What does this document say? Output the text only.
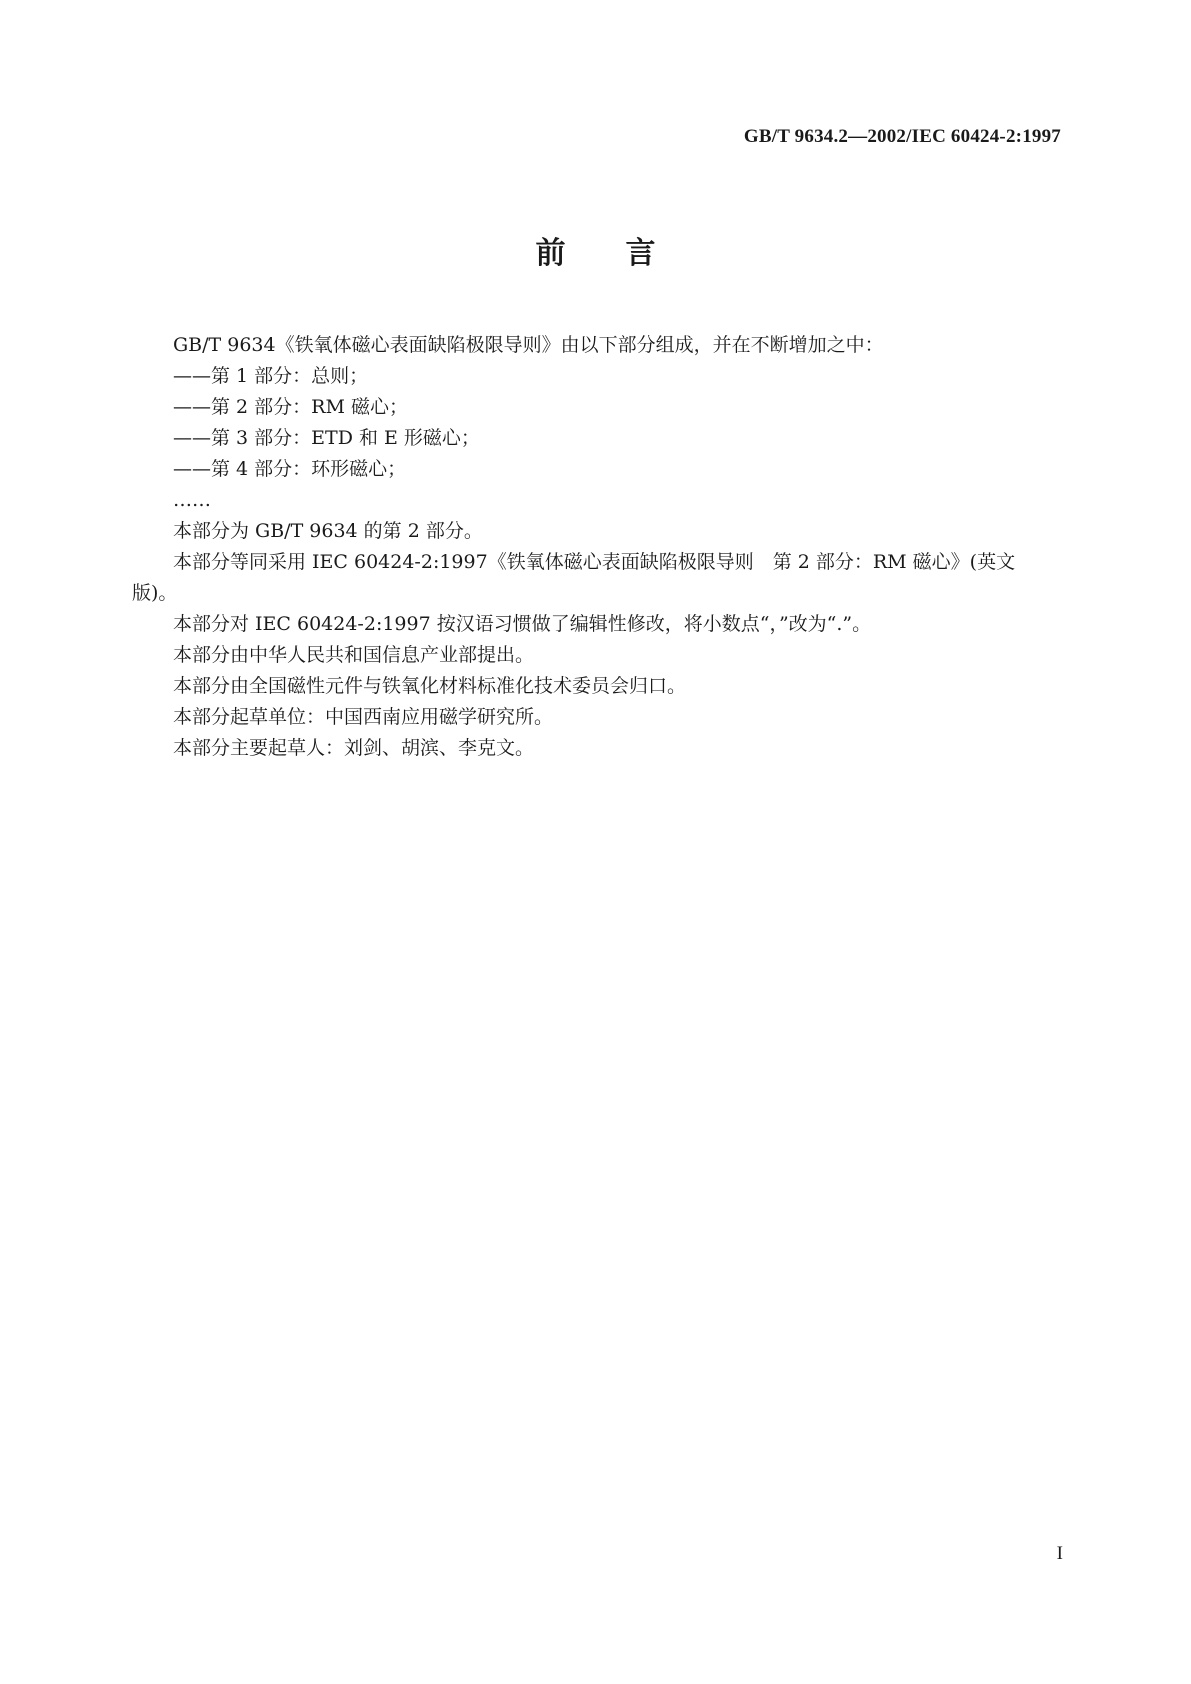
GB/T 9634.2—2002/IEC 60424-2:1997
前言

GB/T 9634《铁氧体磁心表面缺陷极限导则》由以下部分组成，并在不断增加之中：

——第 1 部分：总则；

——第 2 部分：RM 磁心；

——第 3 部分：ETD 和 E 形磁心；

——第 4 部分：环形磁心；

……

本部分为 GB/T 9634 的第 2 部分。

本部分等同采用 IEC 60424-2:1997《铁氧体磁心表面缺陷极限导则　第 2 部分：RM 磁心》(英文版)。

本部分对 IEC 60424-2:1997 按汉语习惯做了编辑性修改，将小数点“，”改为“.”。

本部分由中华人民共和国信息产业部提出。

本部分由全国磁性元件与铁氧化材料标准化技术委员会归口。

本部分起草单位：中国西南应用磁学研究所。

本部分主要起草人：刘剑、胡滨、李克文。

I
